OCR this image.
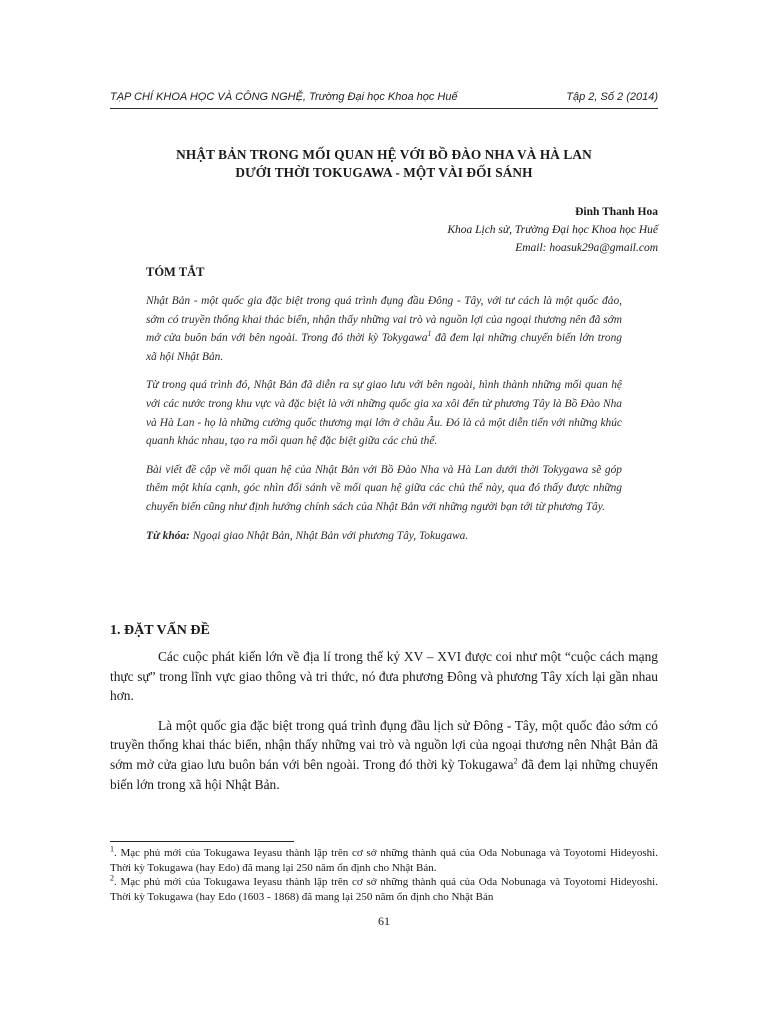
TẠP CHÍ KHOA HỌC VÀ CÔNG NGHỆ, Trường Đại học Khoa học Huế	Tập 2, Số 2 (2014)
NHẬT BẢN TRONG MỐI QUAN HỆ VỚI BỒ ĐÀO NHA VÀ HÀ LAN
DƯỚI THỜI TOKUGAWA - MỘT VÀI ĐỐI SÁNH
Đinh Thanh Hoa
Khoa Lịch sử, Trường Đại học Khoa học Huế
Email: hoasuk29a@gmail.com
TÓM TẮT

Nhật Bản - một quốc gia đặc biệt trong quá trình đụng đầu Đông - Tây, với tư cách là một quốc đảo, sớm có truyền thống khai thác biển, nhận thấy những vai trò và nguồn lợi của ngoại thương nên đã sớm mở cửa buôn bán với bên ngoài. Trong đó thời kỳ Tokygawa$^1$ đã đem lại những chuyển biến lớn trong xã hội Nhật Bản.

Từ trong quá trình đó, Nhật Bản đã diễn ra sự giao lưu với bên ngoài, hình thành những mối quan hệ với các nước trong khu vực và đặc biệt là với những quốc gia xa xôi đến từ phương Tây là Bồ Đào Nha và Hà Lan - họ là những cường quốc thương mại lớn ở châu Âu. Đó là cả một diễn tiến với những khúc quanh khác nhau, tạo ra mối quan hệ đặc biệt giữa các chủ thể.

Bài viết đề cập về mối quan hệ của Nhật Bản với Bồ Đào Nha và Hà Lan dưới thời Tokygawa sẽ góp thêm một khía cạnh, góc nhìn đối sánh về mối quan hệ giữa các chủ thể này, qua đó thấy được những chuyển biến cũng như định hướng chính sách của Nhật Bản với những người bạn tới từ phương Tây.

Từ khóa: Ngoại giao Nhật Bản, Nhật Bản với phương Tây, Tokugawa.

1. ĐẶT VẤN ĐỀ

Các cuộc phát kiến lớn về địa lí trong thế kỷ XV – XVI được coi như một “cuộc cách mạng thực sự” trong lĩnh vực giao thông và tri thức, nó đưa phương Đông và phương Tây xích lại gần nhau hơn.

Là một quốc gia đặc biệt trong quá trình đụng đầu lịch sử Đông - Tây, một quốc đảo sớm có truyền thống khai thác biển, nhận thấy những vai trò và nguồn lợi của ngoại thương nên Nhật Bản đã sớm mở cửa giao lưu buôn bán với bên ngoài. Trong đó thời kỳ Tokugawa$^2$ đã đem lại những chuyển biến lớn trong xã hội Nhật Bản.

$^1$. Mạc phủ mới của Tokugawa Ieyasu thành lập trên cơ sở những thành quả của Oda Nobunaga và Toyotomi Hideyoshi. Thời kỳ Tokugawa (hay Edo) đã mang lại 250 năm ổn định cho Nhật Bản.

$^2$. Mạc phủ mới của Tokugawa Ieyasu thành lập trên cơ sở những thành quả của Oda Nobunaga và Toyotomi Hideyoshi. Thời kỳ Tokugawa (hay Edo (1603 - 1868) đã mang lại 250 năm ổn định cho Nhật Bản

61
